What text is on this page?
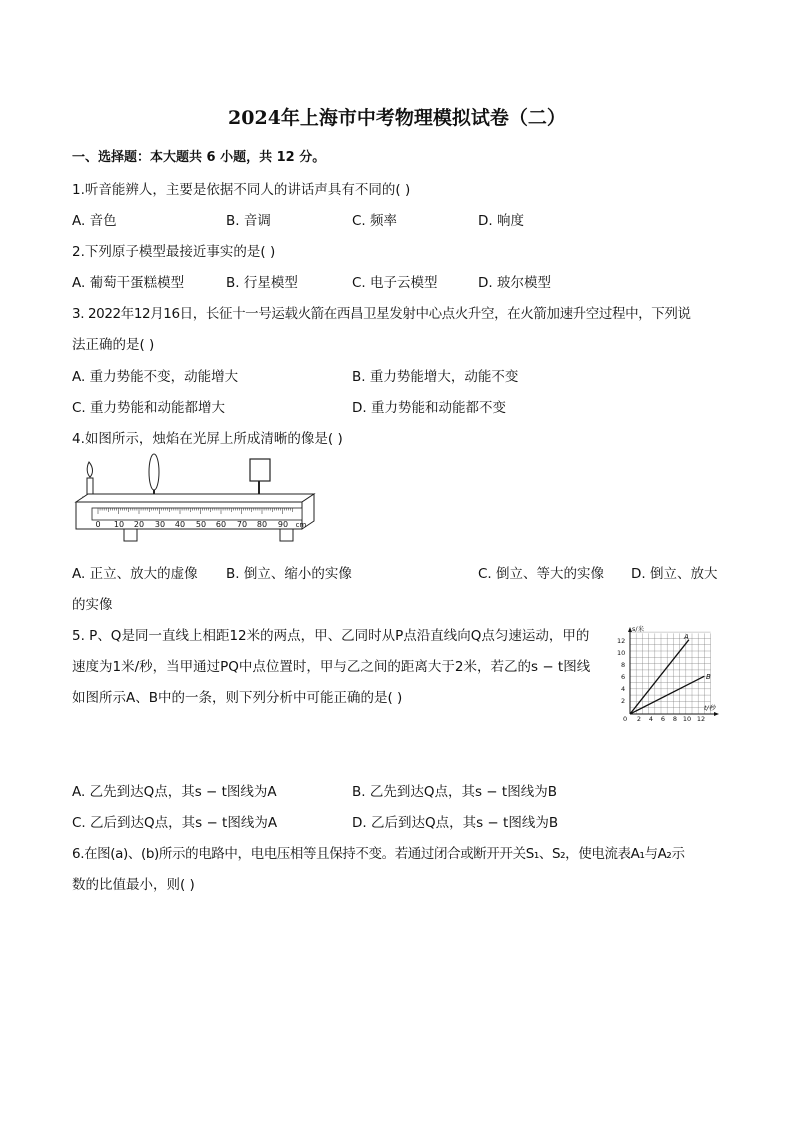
2024年上海市中考物理模拟试卷（二）
一、选择题：本大题共 6 小题，共 12 分。
1.听音能辨人，主要是依据不同人的讲话声具有不同的( )
A. 音色	B. 音调	C. 频率	D. 响度
2.下列原子模型最接近事实的是( )
A. 葡萄干蛋糕模型	B. 行星模型	C. 电子云模型	D. 玻尔模型
3. 2022年12月16日，长征十一号运载火箭在西昌卫星发射中心点火升空，在火箭加速升空过程中，下列说
法正确的是( )
A. 重力势能不变，动能增大	B. 重力势能增大，动能不变
C. 重力势能和动能都增大	D. 重力势能和动能都不变
4.如图所示，烛焰在光屏上所成清晰的像是( )
0 10 20 30 40 50 60 70 80 90 cm
A. 正立、放大的虚像 B. 倒立、缩小的实像	C. 倒立、等大的实像 D. 倒立、放大
的实像
5. P、Q是同一直线上相距12米的两点，甲、乙同时从P点沿直线向Q点匀速运动，甲的
速度为1米/秒，当甲通过PQ中点位置时，甲与乙之间的距离大于2米，若乙的s − t图线
如图所示A、B中的一条，则下列分析中可能正确的是( )
s/米
t/秒
0
A
B
2
4
6
8
10
12
2 4 6 8 10 12
A. 乙先到达Q点，其s − t图线为A	B. 乙先到达Q点，其s − t图线为B
C. 乙后到达Q点，其s − t图线为A	D. 乙后到达Q点，其s − t图线为B
6.在图(a)、(b)所示的电路中，电电压相等且保持不变。若通过闭合或断开开关S₁、S₂，使电流表A₁与A₂示
数的比值最小，则( )
